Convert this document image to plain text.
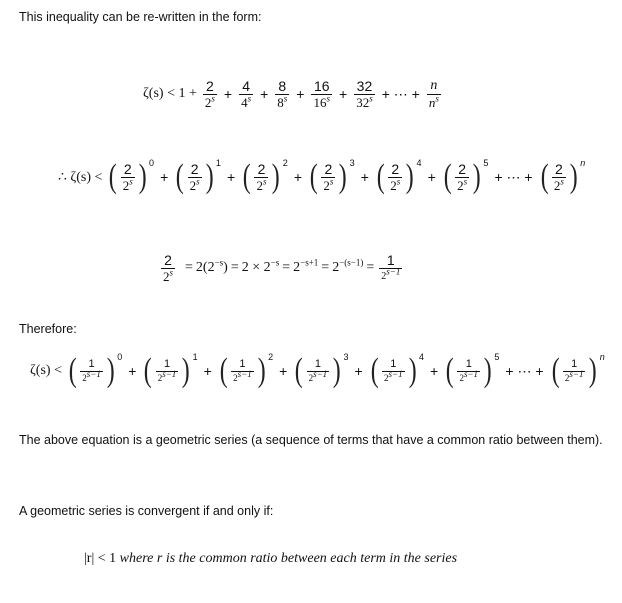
This inequality can be re-written in the form:
$\zeta(s) < 1 + \frac{2}{2^s} + \frac{4}{4^s} + \frac{8}{8^s} + \frac{16}{16^s} + \frac{32}{32^s}$ + ⋯ + $\frac{n}{n^s}$
∴ ζ(s) < ( $\frac{2}{2^s}$ ) 0
+ ( $\frac{2}{2^s}$ ) 1
+ ( $\frac{2}{2^s}$ ) 2
+ ( $\frac{2}{2^s}$ ) 3
+ ( $\frac{2}{2^s}$ ) 4
+ ( $\frac{2}{2^s}$ ) 5
+ ⋯ + ( $\frac{2}{2^s}$ ) n
$\frac{2}{2^s} = 2(2^{-s}) = 2 \times 2^{-s} = 2^{-s+1} = 2^{-(s-1)} = \frac{1}{2s-1}$
Therefore:
ζ(s) < ( $\frac{1}{2s-1}$ ) 0
+ ( $\frac{1}{2s-1}$ ) 1
+ ( $\frac{1}{2s-1}$ ) 2
+ ( $\frac{1}{2s-1}$ ) 3
+ ( $\frac{1}{2s-1}$ ) 4
+ ( $\frac{1}{2s-1}$ ) 5
+ ⋯ + ( $\frac{1}{2s-1}$ ) n
The above equation is a geometric series (a sequence of terms that have a common ratio between them).
A geometric series is convergent if and only if:
|r| < 1 where r is the common ratio between each term in the series
